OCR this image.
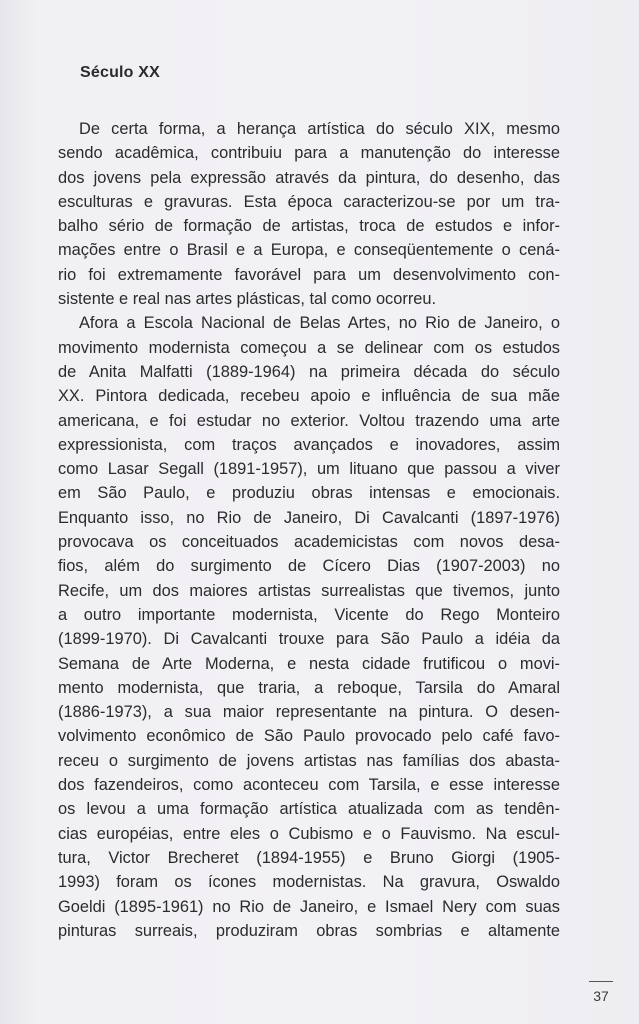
Século XX

De certa forma, a herança artística do século XIX, mesmo
sendo acadêmica, contribuiu para a manutenção do interesse
dos jovens pela expressão através da pintura, do desenho, das
esculturas e gravuras. Esta época caracterizou-se por um tra-
balho sério de formação de artistas, troca de estudos e infor-
mações entre o Brasil e a Europa, e conseqüentemente o cená-
rio foi extremamente favorável para um desenvolvimento con-
sistente e real nas artes plásticas, tal como ocorreu.

Afora a Escola Nacional de Belas Artes, no Rio de Janeiro, o
movimento modernista começou a se delinear com os estudos
de Anita Malfatti (1889-1964) na primeira década do século
XX. Pintora dedicada, recebeu apoio e influência de sua mãe
americana, e foi estudar no exterior. Voltou trazendo uma arte
expressionista, com traços avançados e inovadores, assim
como Lasar Segall (1891-1957), um lituano que passou a viver
em São Paulo, e produziu obras intensas e emocionais.
Enquanto isso, no Rio de Janeiro, Di Cavalcanti (1897-1976)
provocava os conceituados academicistas com novos desa-
fios, além do surgimento de Cícero Dias (1907-2003) no
Recife, um dos maiores artistas surrealistas que tivemos, junto
a outro importante modernista, Vicente do Rego Monteiro
(1899-1970). Di Cavalcanti trouxe para São Paulo a idéia da
Semana de Arte Moderna, e nesta cidade frutificou o movi-
mento modernista, que traria, a reboque, Tarsila do Amaral
(1886-1973), a sua maior representante na pintura. O desen-
volvimento econômico de São Paulo provocado pelo café favo-
receu o surgimento de jovens artistas nas famílias dos abasta-
dos fazendeiros, como aconteceu com Tarsila, e esse interesse
os levou a uma formação artística atualizada com as tendên-
cias européias, entre eles o Cubismo e o Fauvismo. Na escul-
tura, Victor Brecheret (1894-1955) e Bruno Giorgi (1905-
1993) foram os ícones modernistas. Na gravura, Oswaldo
Goeldi (1895-1961) no Rio de Janeiro, e Ismael Nery com suas
pinturas surreais, produziram obras sombrias e altamente

37
